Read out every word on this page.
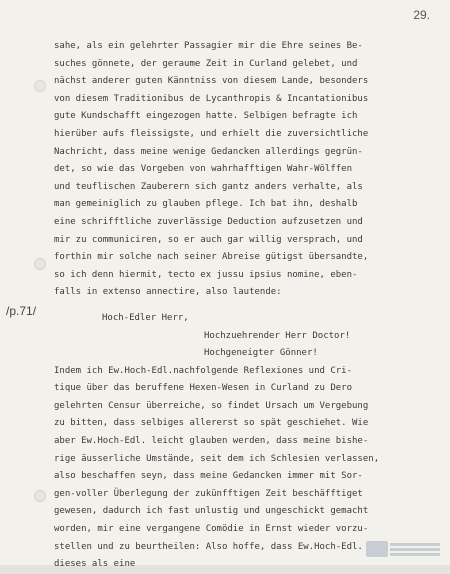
29.
/p.71/
sahe, als ein gelehrter Passagier mir die Ehre seines Be-
suches gönnete, der geraume Zeit in Curland gelebet, und
nächst anderer guten Känntniss von diesem Lande, besonders
von diesem Traditionibus de Lycanthropis & Incantationibus
gute Kundschafft eingezogen hatte. Selbigen befragte ich
hierüber aufs fleissigste, und erhielt die zuversichtliche
Nachricht, dass meine wenige Gedancken allerdings gegrün-
det, so wie das Vorgeben von wahrhafftigen Wahr-Wölffen
und teuflischen Zauberern sich gantz anders verhalte, als
man gemeiniglich zu glauben pflege. Ich bat ihn, deshalb
eine schrifftliche zuverlässige Deduction aufzusetzen und
mir zu communiciren, so er auch gar willig versprach, und
forthin mir solche nach seiner Abreise gütigst übersandte,
so ich denn hiermit, tecto ex jussu ipsius nomine, eben-
falls in extenso annectire, also lautende:
Hoch-Edler Herr,
Hochzuehrender Herr Doctor!
Hochgeneigter Gönner!
Indem ich Ew.Hoch-Edl.nachfolgende Reflexiones und Cri-
tique über das beruffene Hexen-Wesen in Curland zu Dero
gelehrten Censur überreiche, so findet Ursach um Vergebung
zu bitten, dass selbiges allererst so spät geschiehet. Wie
aber Ew.Hoch-Edl. leicht glauben werden, dass meine bishe-
rige äusserliche Umstände, seit dem ich Schlesien verlassen,
also beschaffen seyn, dass meine Gedancken immer mit Sor-
gen-voller Überlegung der zukünfftigen Zeit beschäfftiget
gewesen, dadurch ich fast unlustig und ungeschickt gemacht
worden, mir eine vergangene Comödie in Ernst wieder vorzu-
stellen und zu beurtheilen: Also hoffe, dass Ew.Hoch-Edl.
dieses als eine
